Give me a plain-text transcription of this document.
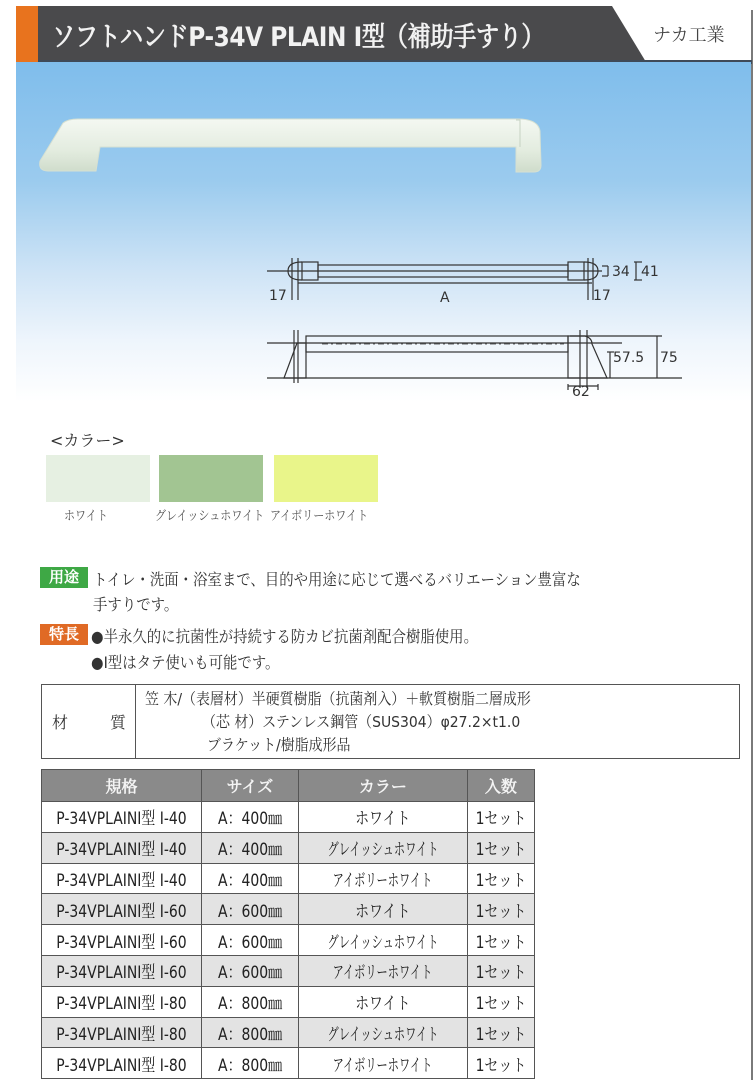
ソフトハンドP-34V PLAIN I型（補助手すり）	ナカ工業
17	A	17
34 41
57.5 75
62
<カラー>
ホワイト	グレイッシュホワイト アイボリーホワイト
用途 トイレ・洗面・浴室まで、目的や用途に応じて選べるバリエーション豊富な
手すりです。
特長 ●半永久的に抗菌性が持続する防カビ抗菌剤配合樹脂使用。
●I型はタテ使いも可能です。
材	質
笠 木/（表層材）半硬質樹脂（抗菌剤入）＋軟質樹脂二層成形
（芯 材）ステンレス鋼管（SUS304）φ27.2×t1.0
ブラケット/樹脂成形品
規格	サイズ	カラー	入数
P-34VPLAINI型 I-40	A：400㎜	ホワイト	1セット
P-34VPLAINI型 I-40	A：400㎜	グレイッシュホワイト	1セット
P-34VPLAINI型 I-40	A：400㎜	アイボリーホワイト	1セット
P-34VPLAINI型 I-60	A：600㎜	ホワイト	1セット
P-34VPLAINI型 I-60	A：600㎜	グレイッシュホワイト	1セット
P-34VPLAINI型 I-60	A：600㎜	アイボリーホワイト	1セット
P-34VPLAINI型 I-80	A：800㎜	ホワイト	1セット
P-34VPLAINI型 I-80	A：800㎜	グレイッシュホワイト	1セット
P-34VPLAINI型 I-80	A：800㎜	アイボリーホワイト	1セット
